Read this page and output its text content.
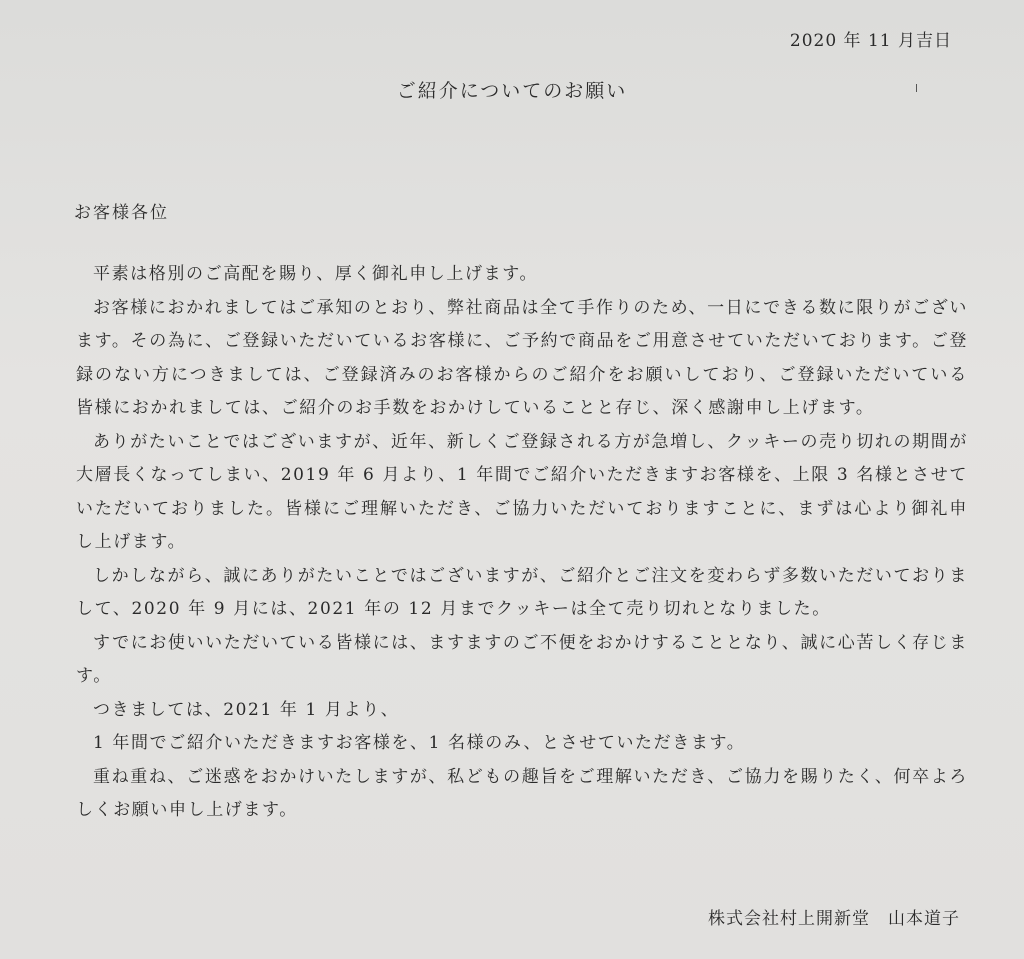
2020 年 11 月吉日
ご紹介についてのお願い
お客様各位

平素は格別のご高配を賜り、厚く御礼申し上げます。

お客様におかれましてはご承知のとおり、弊社商品は全て手作りのため、一日にできる数に限りがございます。その為に、ご登録いただいているお客様に、ご予約で商品をご用意させていただいております。ご登録のない方につきましては、ご登録済みのお客様からのご紹介をお願いしており、ご登録いただいている皆様におかれましては、ご紹介のお手数をおかけしていることと存じ、深く感謝申し上げます。

ありがたいことではございますが、近年、新しくご登録される方が急増し、クッキーの売り切れの期間が大層長くなってしまい、2019 年 6 月より、1 年間でご紹介いただきますお客様を、上限 3 名様とさせていただいておりました。皆様にご理解いただき、ご協力いただいておりますことに、まずは心より御礼申し上げます。

しかしながら、誠にありがたいことではございますが、ご紹介とご注文を変わらず多数いただいておりまして、2020 年 9 月には、2021 年の 12 月までクッキーは全て売り切れとなりました。

すでにお使いいただいている皆様には、ますますのご不便をおかけすることとなり、誠に心苦しく存じます。

つきましては、2021 年 1 月より、

1 年間でご紹介いただきますお客様を、1 名様のみ、とさせていただきます。

重ね重ね、ご迷惑をおかけいたしますが、私どもの趣旨をご理解いただき、ご協力を賜りたく、何卒よろしくお願い申し上げます。

株式会社村上開新堂　山本道子
